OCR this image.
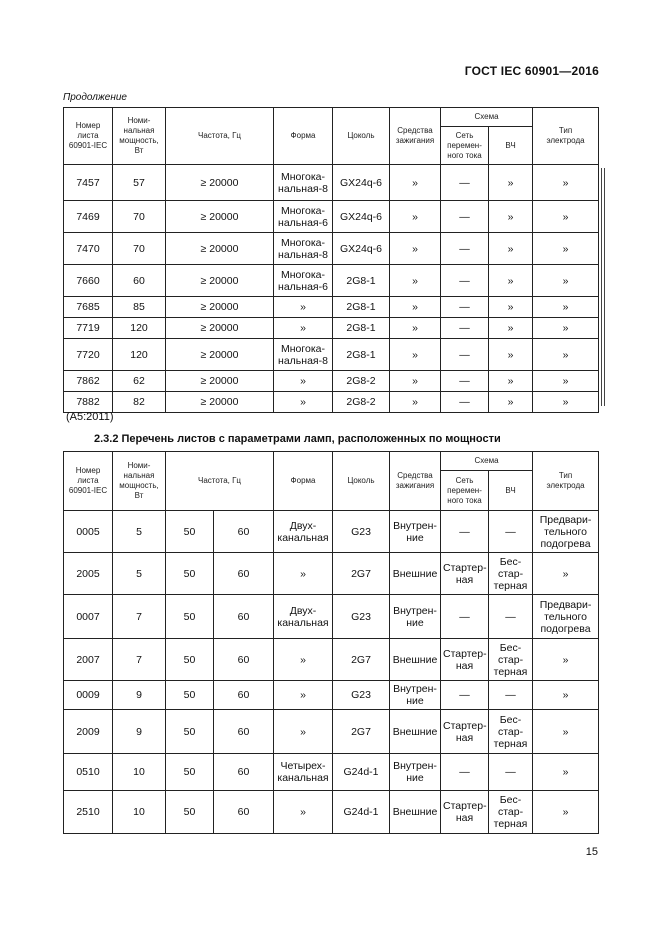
ГОСТ IEC 60901—2016
Продолжение
Номер
листа
60901-IEC	Номи-
нальная
мощность,
Вт	Частота, Гц	Форма	Цоколь	Средства
зажигания	Схема		Тип
электрода
						Сеть
перемен-
ного тока	ВЧ	
7457	57	≥ 20000	Многока-
нальная-8	GX24q-6	»	—	»	»
7469	70	≥ 20000	Многока-
нальная-6	GX24q-6	»	—	»	»
7470	70	≥ 20000	Многока-
нальная-8	GX24q-6	»	—	»	»
7660	60	≥ 20000	Многока-
нальная-6	2G8-1	»	—	»	»
7685	85	≥ 20000	»	2G8-1	»	—	»	»
7719	120	≥ 20000	»	2G8-1	»	—	»	»
7720	120	≥ 20000	Многока-
нальная-8	2G8-1	»	—	»	»
7862	62	≥ 20000	»	2G8-2	»	—	»	»
7882	82	≥ 20000	»	2G8-2	»	—	»	»
(A5:2011)
2.3.2 Перечень листов с параметрами ламп, расположенных по мощности
Номер
листа
60901-IEC	Номи-
нальная
мощность,
Вт	Частота, Гц		Форма	Цоколь	Средства
зажигания	Схема		Тип
электрода
							Сеть
перемен-
ного тока	ВЧ	
0005	5	50	60	Двух-
канальная	G23	Внутрен-
ние	—	—	Предвари-
тельного
подогрева
2005	5	50	60	»	2G7	Внешние	Стартер-
ная	Бес-
стар-
терная	»
0007	7	50	60	Двух-
канальная	G23	Внутрен-
ние	—	—	Предвари-
тельного
подогрева
2007	7	50	60	»	2G7	Внешние	Стартер-
ная	Бес-
стар-
терная	»
0009	9	50	60	»	G23	Внутрен-
ние	—	—	»
2009	9	50	60	»	2G7	Внешние	Стартер-
ная	Бес-
стар-
терная	»
0510	10	50	60	Четырех-
канальная	G24d-1	Внутрен-
ние	—	—	»
2510	10	50	60	»	G24d-1	Внешние	Стартер-
ная	Бес-
стар-
терная	»
15
